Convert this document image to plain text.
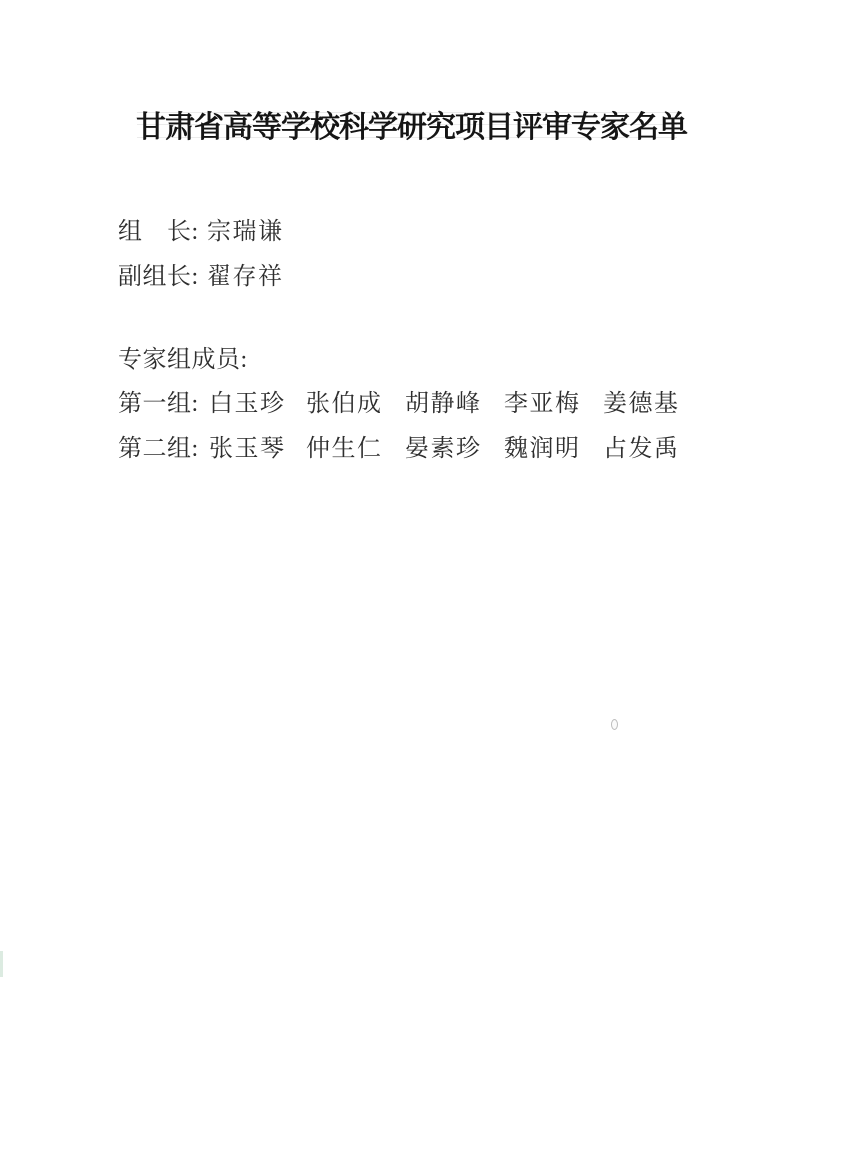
甘肃省高等学校科学研究项目评审专家名单
组　长: 宗瑞谦
副组长: 翟存祥
专家组成员:
第一组: 白玉珍 张伯成 胡静峰 李亚梅 姜德基
第二组: 张玉琴 仲生仁 晏素珍 魏润明 占发禹
